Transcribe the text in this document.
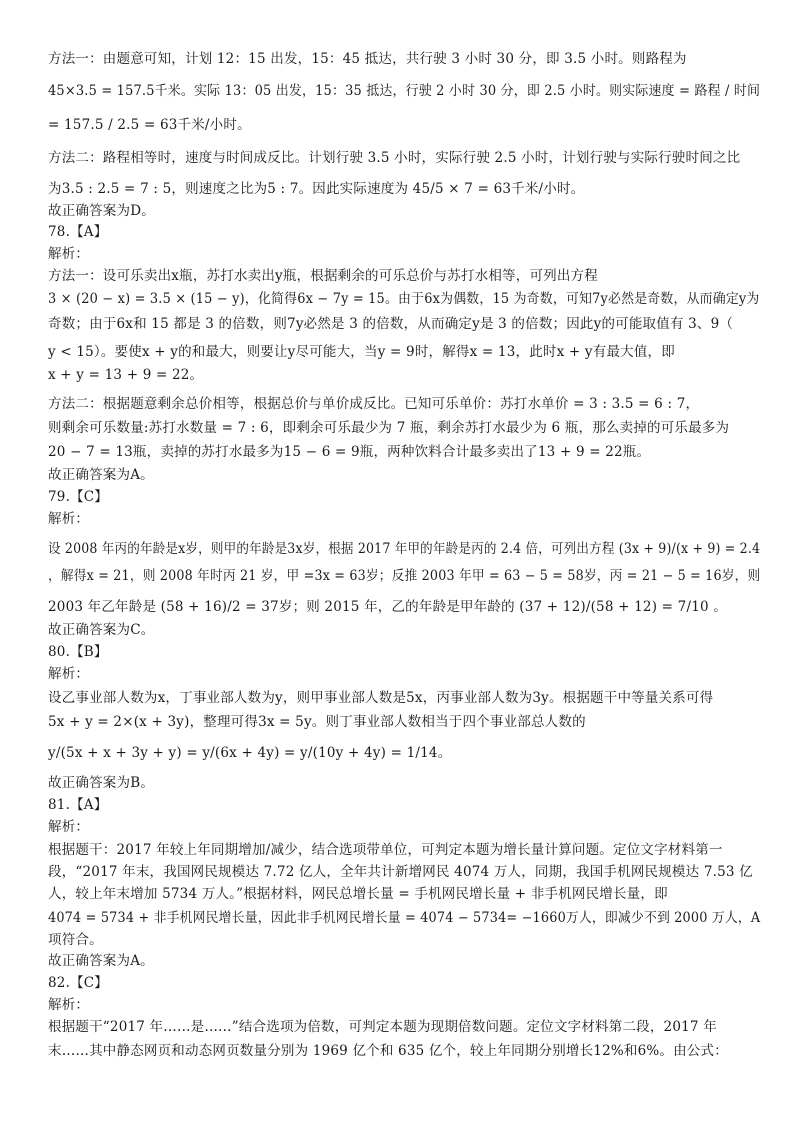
方法一：由题意可知，计划 12：15 出发，15：45 抵达，共行驶 3 小时 30 分，即 3.5 小时。则路程为
45×3.5 = 157.5千米。实际 13：05 出发，15：35 抵达，行驶 2 小时 30 分，即 2.5 小时。则实际速度 = 路程 / 时间
= 157.5 / 2.5 = 63千米/小时。
方法二：路程相等时，速度与时间成反比。计划行驶 3.5 小时，实际行驶 2.5 小时，计划行驶与实际行驶时间之比
为3.5 : 2.5 = 7 : 5，则速度之比为5 : 7。因此实际速度为 45/5 × 7 = 63千米/小时。
故正确答案为D。
78.【A】
解析：
方法一：设可乐卖出x瓶，苏打水卖出y瓶，根据剩余的可乐总价与苏打水相等，可列出方程
3 × (20 − x) = 3.5 × (15 − y)，化简得6x − 7y = 15。由于6x为偶数，15 为奇数，可知7y必然是奇数，从而确定y为
奇数；由于6x和 15 都是 3 的倍数，则7y必然是 3 的倍数，从而确定y是 3 的倍数；因此y的可能取值有 3、9（
y < 15）。要使x + y的和最大，则要让y尽可能大，当y = 9时，解得x = 13，此时x + y有最大值，即
x + y = 13 + 9 = 22。
方法二：根据题意剩余总价相等，根据总价与单价成反比。已知可乐单价：苏打水单价 = 3 : 3.5 = 6 : 7，
则剩余可乐数量:苏打水数量 = 7 : 6，即剩余可乐最少为 7 瓶，剩余苏打水最少为 6 瓶，那么卖掉的可乐最多为
20 − 7 = 13瓶，卖掉的苏打水最多为15 − 6 = 9瓶，两种饮料合计最多卖出了13 + 9 = 22瓶。
故正确答案为A。
79.【C】
解析：
设 2008 年丙的年龄是x岁，则甲的年龄是3x岁，根据 2017 年甲的年龄是丙的 2.4 倍，可列出方程 (3x + 9)/(x + 9) = 2.4
，解得x = 21，则 2008 年时丙 21 岁，甲 =3x = 63岁；反推 2003 年甲 = 63 − 5 = 58岁，丙 = 21 − 5 = 16岁，则
2003 年乙年龄是 (58 + 16)/2 = 37岁；则 2015 年，乙的年龄是甲年龄的 (37 + 12)/(58 + 12) = 7/10 。
故正确答案为C。
80.【B】
解析：
设乙事业部人数为x，丁事业部人数为y，则甲事业部人数是5x，丙事业部人数为3y。根据题干中等量关系可得
5x + y = 2×(x + 3y)，整理可得3x = 5y。则丁事业部人数相当于四个事业部总人数的
y/(5x + x + 3y + y) = y/(6x + 4y) = y/(10y + 4y) = 1/14。
故正确答案为B。
81.【A】
解析：
根据题干：2017 年较上年同期增加/减少，结合选项带单位，可判定本题为增长量计算问题。定位文字材料第一
段，“2017 年末，我国网民规模达 7.72 亿人，全年共计新增网民 4074 万人，同期，我国手机网民规模达 7.53 亿
人，较上年末增加 5734 万人。”根据材料，网民总增长量 = 手机网民增长量 + 非手机网民增长量，即
4074 = 5734 + 非手机网民增长量，因此非手机网民增长量 = 4074 − 5734= −1660万人，即减少不到 2000 万人，A
项符合。
故正确答案为A。
82.【C】
解析：
根据题干“2017 年……是……”结合选项为倍数，可判定本题为现期倍数问题。定位文字材料第二段，2017 年
末……其中静态网页和动态网页数量分别为 1969 亿个和 635 亿个，较上年同期分别增长12%和6%。由公式：
